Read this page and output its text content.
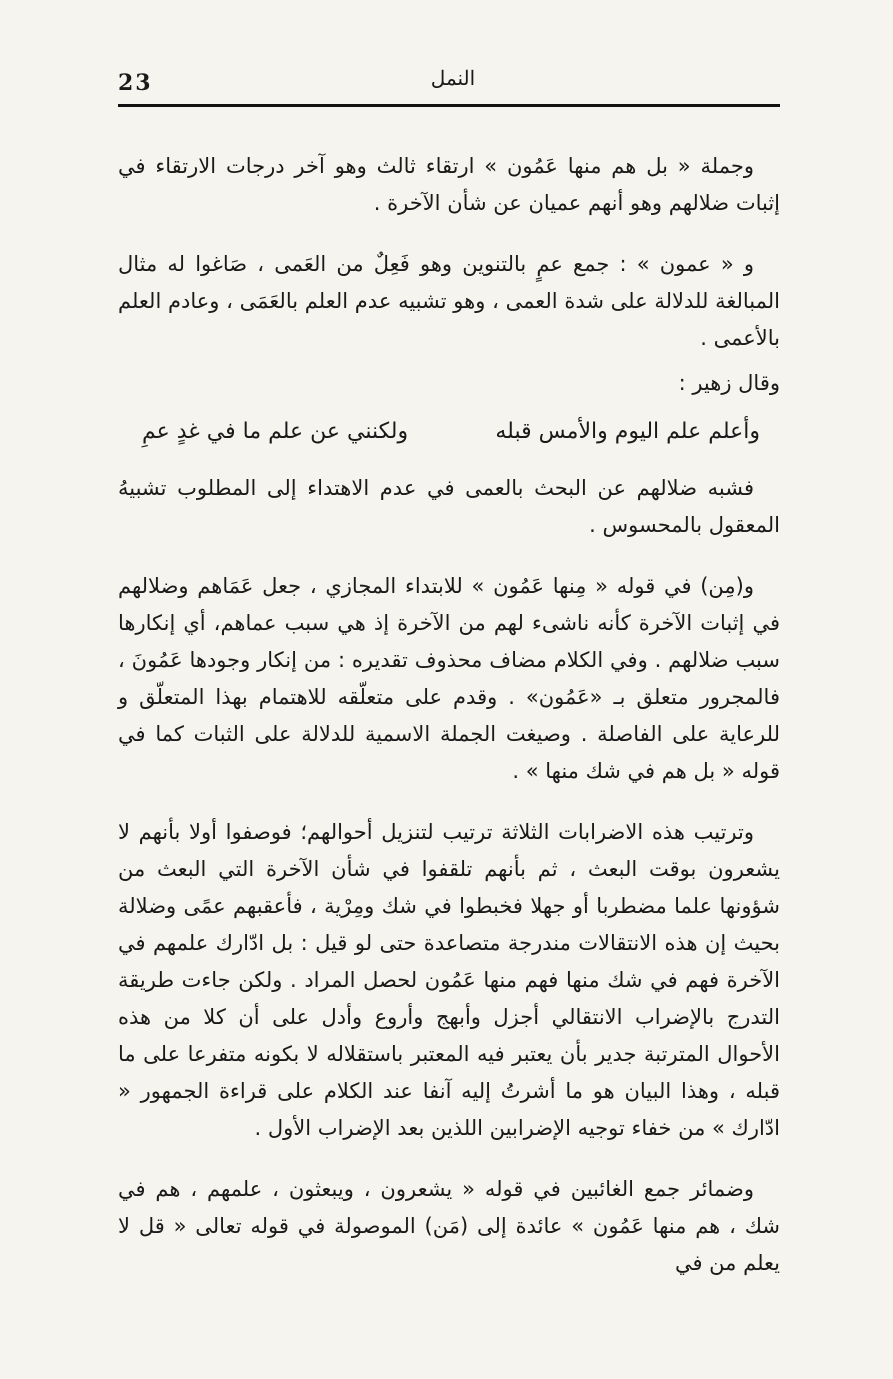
23	النمل

وجملة « بل هم منها عَمُون » ارتقاء ثالث وهو آخر درجات الارتقاء في إثبات ضلالهم وهو أنهم عميان عن شأن الآخرة .

و « عمون » : جمع عمٍ بالتنوين وهو فَعِلٌ من العَمى ، صَاغوا له مثال المبالغة للدلالة على شدة العمى ، وهو تشبيه عدم العلم بالعَمَى ، وعادم العلم بالأعمى .

وقال زهير :

وأعلم علم اليوم والأمس قبله
ولكنني عن علم ما في غدٍ عمِ

فشبه ضلالهم عن البحث بالعمى في عدم الاهتداء إلى المطلوب تشبيهُ المعقول بالمحسوس .

و(مِن) في قوله « مِنها عَمُون » للابتداء المجازي ، جعل عَمَاهم وضلالهم في إثبات الآخرة كأنه ناشىء لهم من الآخرة إذ هي سبب عماهم، أي إنكارها سبب ضلالهم . وفي الكلام مضاف محذوف تقديره : من إنكار وجودها عَمُونَ ، فالمجرور متعلق بـ «عَمُون» . وقدم على متعلّقه للاهتمام بهذا المتعلّق و للرعاية على الفاصلة . وصيغت الجملة الاسمية للدلالة على الثبات كما في قوله « بل هم في شك منها » .

وترتيب هذه الاضرابات الثلاثة ترتيب لتنزيل أحوالهم؛ فوصفوا أولا بأنهم لا يشعرون بوقت البعث ، ثم بأنهم تلقفوا في شأن الآخرة التي البعث من شؤونها علما مضطربا أو جهلا فخبطوا في شك ومِرْية ، فأعقبهم عمًى وضلالة بحيث إن هذه الانتقالات مندرجة متصاعدة حتى لو قيل : بل ادّارك علمهم في الآخرة فهم في شك منها فهم منها عَمُون لحصل المراد . ولكن جاءت طريقة التدرج بالإضراب الانتقالي أجزل وأبهج وأروع وأدل على أن كلا من هذه الأحوال المترتبة جدير بأن يعتبر فيه المعتبر باستقلاله لا بكونه متفرعا على ما قبله ، وهذا البيان هو ما أشرتُ إليه آنفا عند الكلام على قراءة الجمهور « ادّارك » من خفاء توجيه الإضرابين اللذين بعد الإضراب الأول .

وضمائر جمع الغائبين في قوله « يشعرون ، ويبعثون ، علمهم ، هم في شك ، هم منها عَمُون » عائدة إلى (مَن) الموصولة في قوله تعالى « قل لا يعلم من في
